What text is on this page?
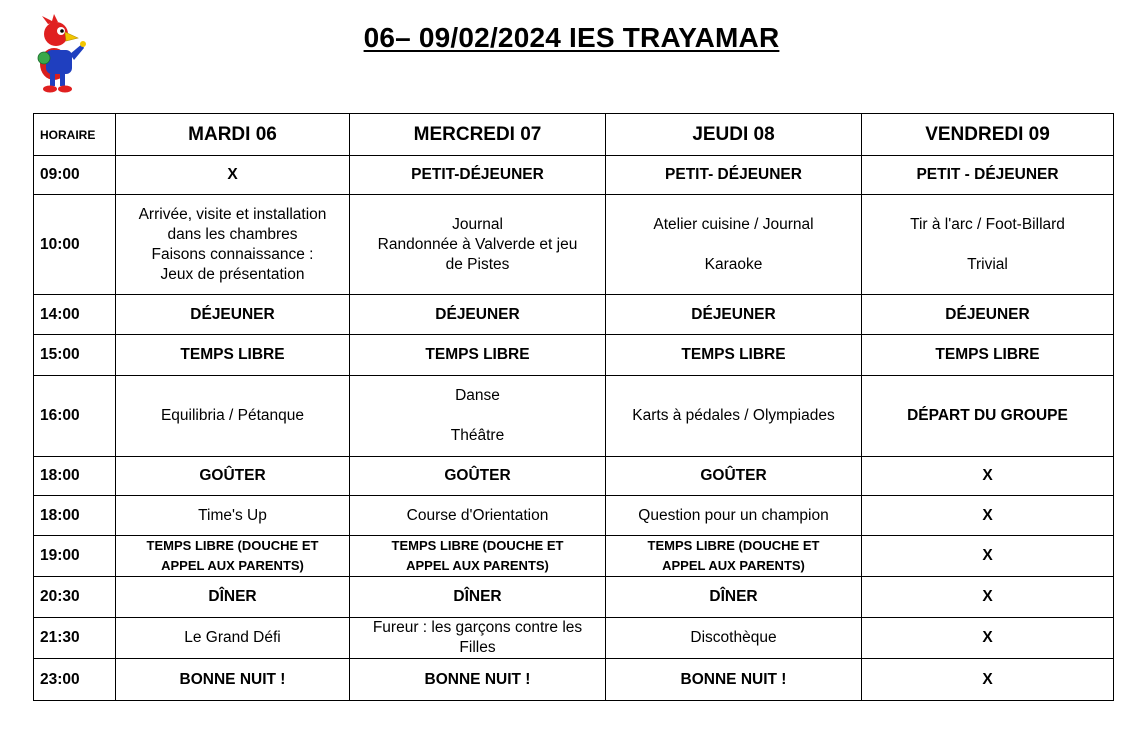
06– 09/02/2024 IES TRAYAMAR
HORAIRE	MARDI 06	MERCREDI 07	JEUDI 08	VENDREDI 09
09:00	X	PETIT-DÉJEUNER	PETIT- DÉJEUNER	PETIT - DÉJEUNER
10:00	Arrivée, visite et installation
dans les chambres
Faisons connaissance :
Jeux de présentation	Journal
Randonnée à Valverde et jeu
de Pistes	Atelier cuisine / Journal
Karaoke	Tir à l'arc / Foot-Billard
Trivial

14:00	DÉJEUNER	DÉJEUNER	DÉJEUNER	DÉJEUNER
15:00	TEMPS LIBRE	TEMPS LIBRE	TEMPS LIBRE	TEMPS LIBRE
16:00	Equilibria / Pétanque	Danse
Théâtre	Karts à pédales / Olympiades	DÉPART DU GROUPE
18:00	GOÛTER	GOÛTER	GOÛTER	X
18:00	Time's Up	Course d'Orientation	Question pour un champion	X
19:00	TEMPS LIBRE (DOUCHE ET
APPEL AUX PARENTS)	TEMPS LIBRE (DOUCHE ET
APPEL AUX PARENTS)	TEMPS LIBRE (DOUCHE ET
APPEL AUX PARENTS)	X
20:30	DÎNER	DÎNER	DÎNER	X
21:30	Le Grand Défi	Fureur : les garçons contre les
Filles	Discothèque	X
23:00	BONNE NUIT !	BONNE NUIT !	BONNE NUIT !	X
